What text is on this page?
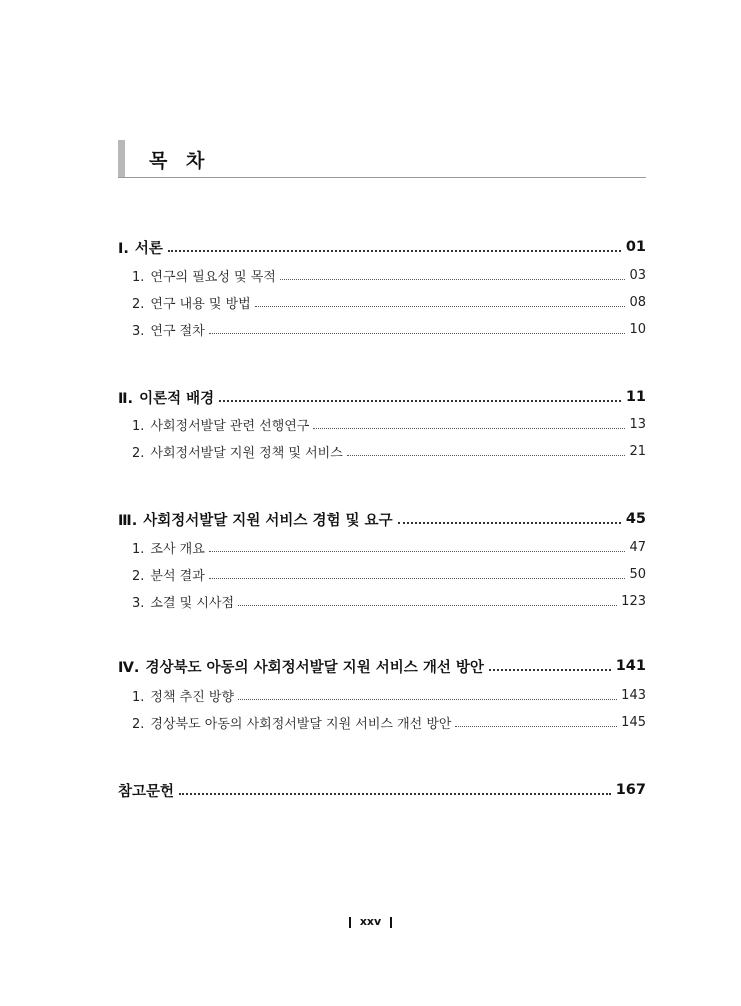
목 차
Ⅰ. 서론	01
1. 연구의 필요성 및 목적	03
2. 연구 내용 및 방법	08
3. 연구 절차	10
Ⅱ. 이론적 배경	11
1. 사회정서발달 관련 선행연구	13
2. 사회정서발달 지원 정책 및 서비스	21
Ⅲ. 사회정서발달 지원 서비스 경험 및 요구	45
1. 조사 개요	47
2. 분석 결과	50
3. 소결 및 시사점	123
Ⅳ. 경상북도 아동의 사회정서발달 지원 서비스 개선 방안	141
1. 정책 추진 방향	143
2. 경상북도 아동의 사회정서발달 지원 서비스 개선 방안	145
참고문헌	167
xxv
